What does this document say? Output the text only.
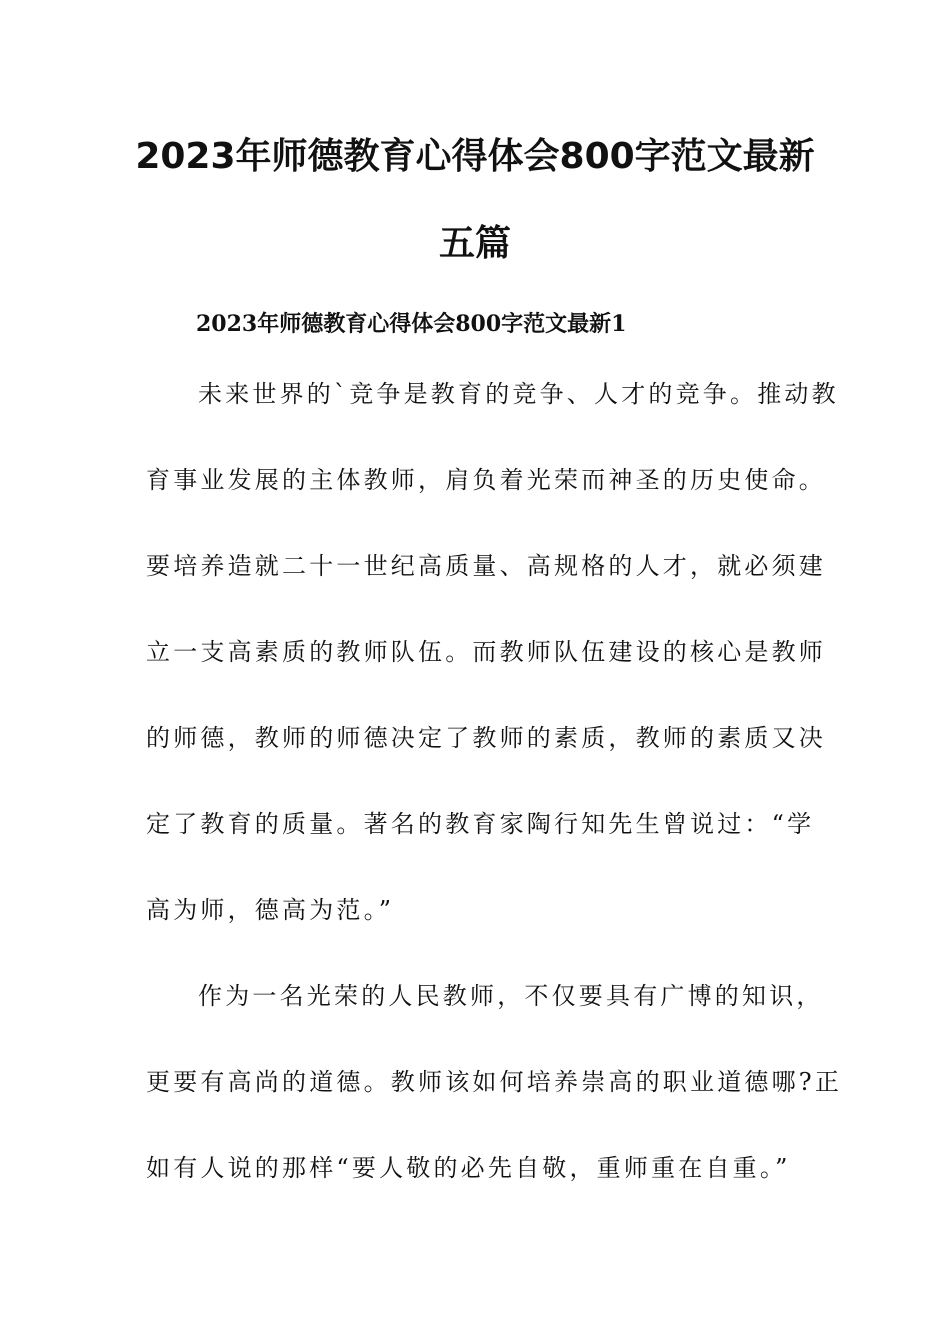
2023年师德教育心得体会800字范文最新
五篇
2023年师德教育心得体会800字范文最新1

未来世界的`竞争是教育的竞争、人才的竞争。推动教

育事业发展的主体教师，肩负着光荣而神圣的历史使命。

要培养造就二十一世纪高质量、高规格的人才，就必须建

立一支高素质的教师队伍。而教师队伍建设的核心是教师

的师德，教师的师德决定了教师的素质，教师的素质又决

定了教育的质量。著名的教育家陶行知先生曾说过：“学

高为师，德高为范。”

作为一名光荣的人民教师，不仅要具有广博的知识，

更要有高尚的道德。教师该如何培养崇高的职业道德哪?正

如有人说的那样“要人敬的必先自敬，重师重在自重。”
